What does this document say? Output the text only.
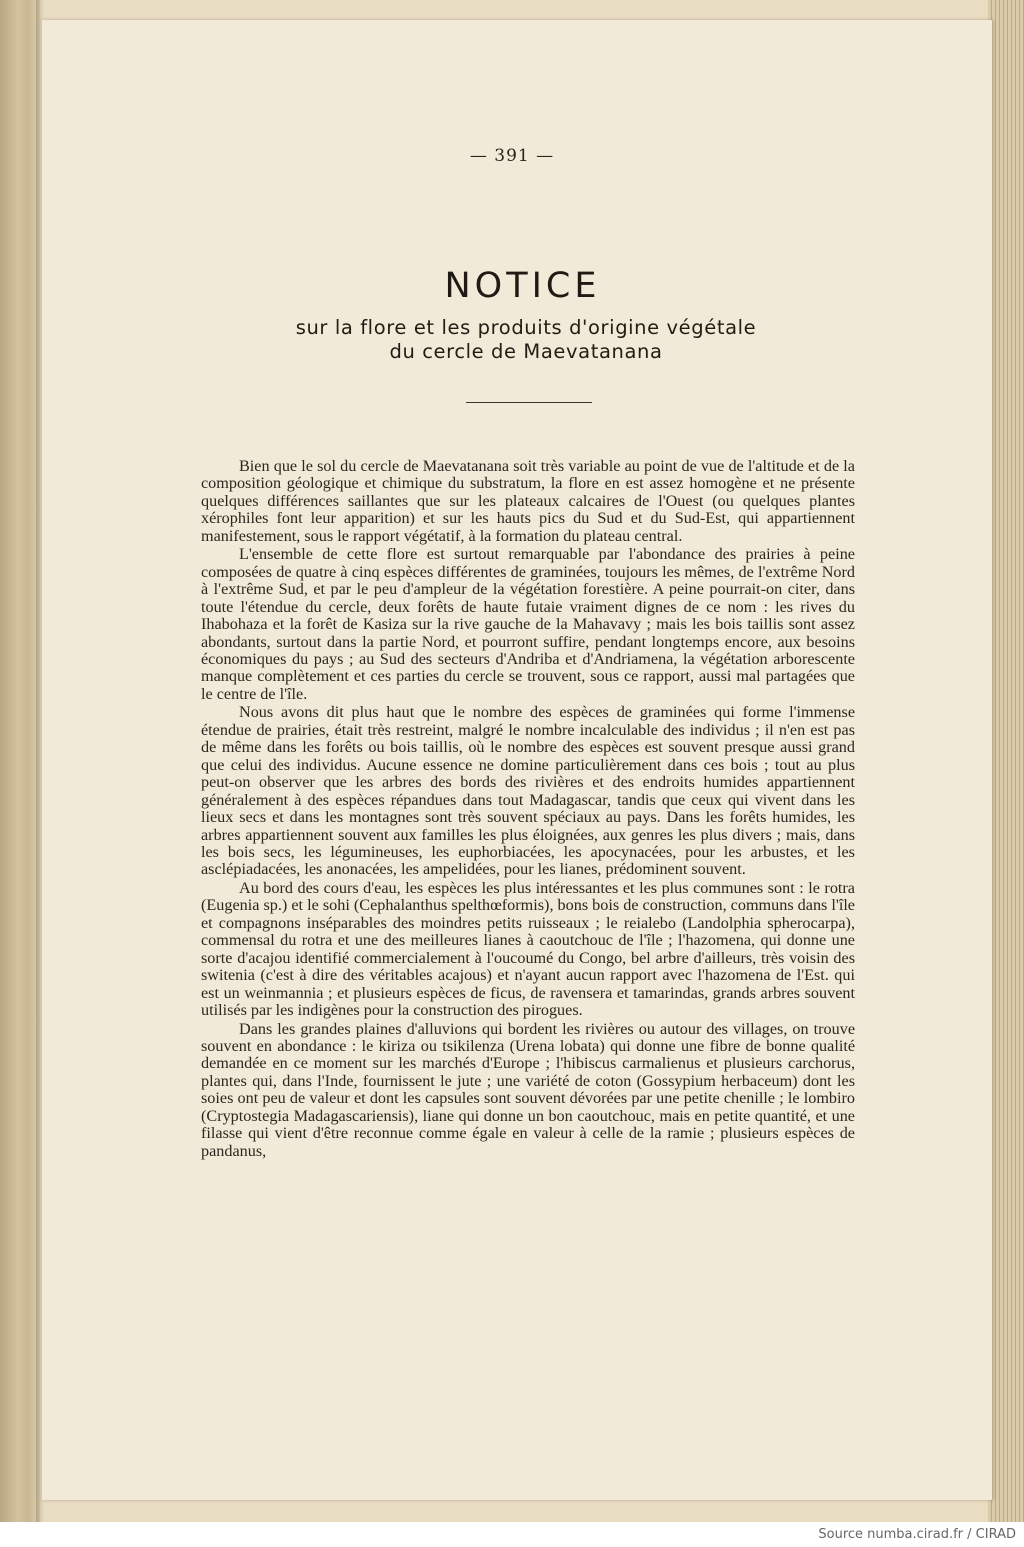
— 391 —
NOTICE
sur la flore et les produits d'origine végétale
du cercle de Maevatanana

Bien que le sol du cercle de Maevatanana soit très variable au point de vue de l'altitude et de la composition géologique et chimique du substratum, la flore en est assez homogène et ne présente quelques différences saillantes que sur les plateaux calcaires de l'Ouest (ou quelques plantes xérophiles font leur apparition) et sur les hauts pics du Sud et du Sud-Est, qui appartiennent manifestement, sous le rapport végétatif, à la formation du plateau central.

L'ensemble de cette flore est surtout remarquable par l'abondance des prairies à peine composées de quatre à cinq espèces différentes de graminées, toujours les mêmes, de l'extrême Nord à l'extrême Sud, et par le peu d'ampleur de la végétation forestière. A peine pourrait-on citer, dans toute l'étendue du cercle, deux forêts de haute futaie vraiment dignes de ce nom : les rives du Ihabohaza et la forêt de Kasiza sur la rive gauche de la Mahavavy ; mais les bois taillis sont assez abondants, surtout dans la partie Nord, et pourront suffire, pendant longtemps encore, aux besoins économiques du pays ; au Sud des secteurs d'Andriba et d'Andriamena, la végétation arborescente manque complètement et ces parties du cercle se trouvent, sous ce rapport, aussi mal partagées que le centre de l'île.

Nous avons dit plus haut que le nombre des espèces de graminées qui forme l'immense étendue de prairies, était très restreint, malgré le nombre incalculable des individus ; il n'en est pas de même dans les forêts ou bois taillis, où le nombre des espèces est souvent presque aussi grand que celui des individus. Aucune essence ne domine particulièrement dans ces bois ; tout au plus peut-on observer que les arbres des bords des rivières et des endroits humides appartiennent généralement à des espèces répandues dans tout Madagascar, tandis que ceux qui vivent dans les lieux secs et dans les montagnes sont très souvent spéciaux au pays. Dans les forêts humides, les arbres appartiennent souvent aux familles les plus éloignées, aux genres les plus divers ; mais, dans les bois secs, les légumineuses, les euphorbiacées, les apocynacées, pour les arbustes, et les asclépiadacées, les anonacées, les ampelidées, pour les lianes, prédominent souvent.

Au bord des cours d'eau, les espèces les plus intéressantes et les plus communes sont : le rotra (Eugenia sp.) et le sohi (Cephalanthus spelthœformis), bons bois de construction, communs dans l'île et compagnons inséparables des moindres petits ruisseaux ; le reialebo (Landolphia spherocarpa), commensal du rotra et une des meilleures lianes à caoutchouc de l'île ; l'hazomena, qui donne une sorte d'acajou identifié commercialement à l'oucoumé du Congo, bel arbre d'ailleurs, très voisin des switenia (c'est à dire des véritables acajous) et n'ayant aucun rapport avec l'hazomena de l'Est. qui est un weinmannia ; et plusieurs espèces de ficus, de ravensera et tamarindas, grands arbres souvent utilisés par les indigènes pour la construction des pirogues.

Dans les grandes plaines d'alluvions qui bordent les rivières ou autour des villages, on trouve souvent en abondance : le kiriza ou tsikilenza (Urena lobata) qui donne une fibre de bonne qualité demandée en ce moment sur les marchés d'Europe ; l'hibiscus carmalienus et plusieurs carchorus, plantes qui, dans l'Inde, fournissent le jute ; une variété de coton (Gossypium herbaceum) dont les soies ont peu de valeur et dont les capsules sont souvent dévorées par une petite chenille ; le lombiro (Cryptostegia Madagascariensis), liane qui donne un bon caoutchouc, mais en petite quantité, et une filasse qui vient d'être reconnue comme égale en valeur à celle de la ramie ; plusieurs espèces de pandanus,

Source numba.cirad.fr / CIRAD
